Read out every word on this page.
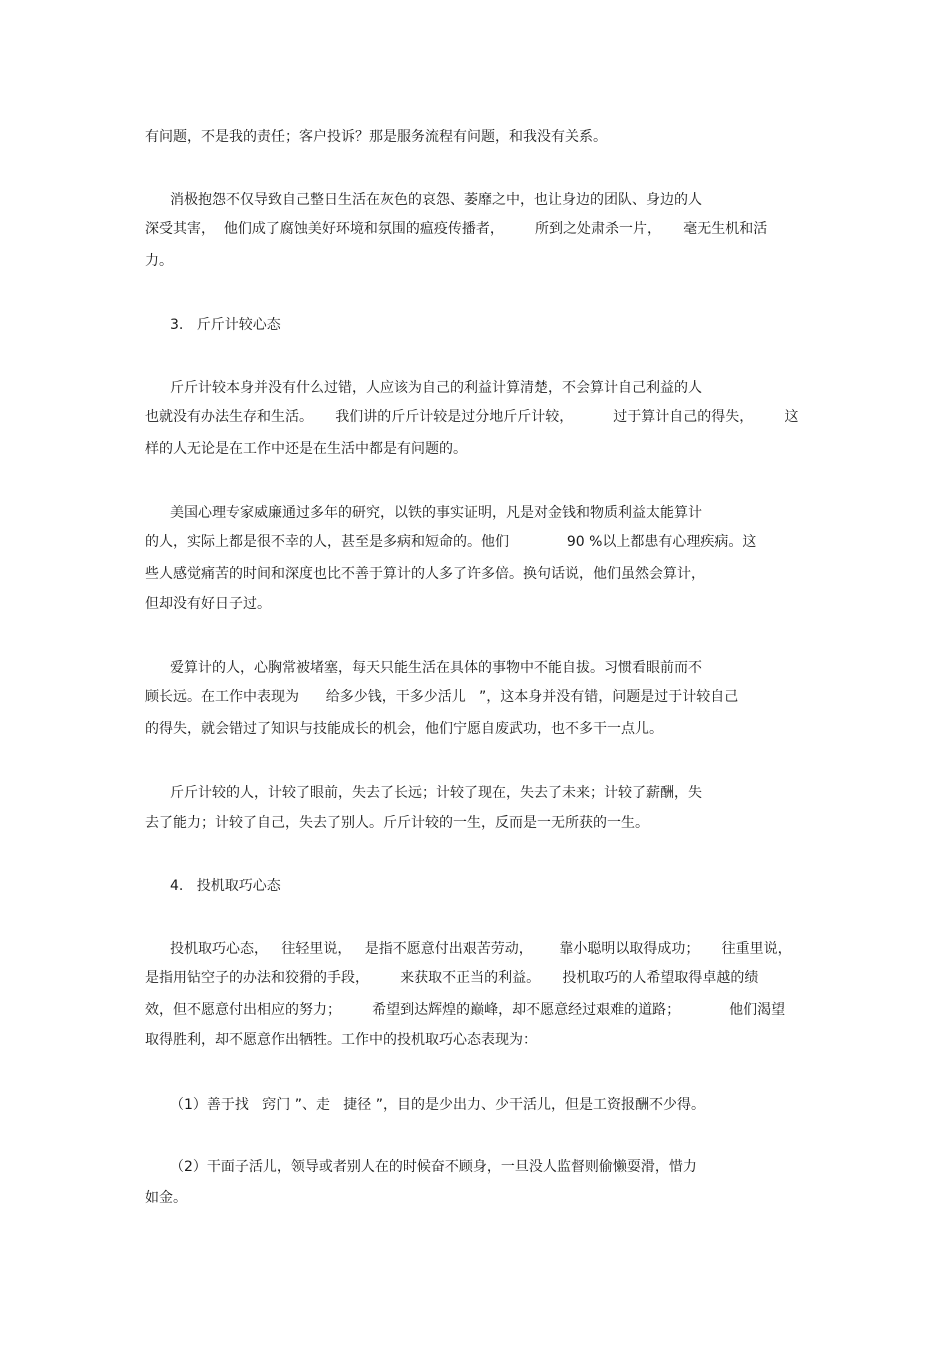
有问题，不是我的责任；客户投诉？那是服务流程有问题，和我没有关系。
消极抱怨不仅导致自己整日生活在灰色的哀怨、萎靡之中，也让身边的团队、身边的人
深受其害，  他们成了腐蚀美好环境和氛围的瘟疫传播者，       所到之处肃杀一片，     毫无生机和活
力。
3.   斤斤计较心态
斤斤计较本身并没有什么过错，人应该为自己的利益计算清楚，不会算计自己利益的人
也就没有办法生存和生活。     我们讲的斤斤计较是过分地斤斤计较，         过于算计自己的得失，       这
样的人无论是在工作中还是在生活中都是有问题的。
美国心理专家威廉通过多年的研究，以铁的事实证明，凡是对金钱和物质利益太能算计
的人，实际上都是很不幸的人，甚至是多病和短命的。他们             90 %以上都患有心理疾病。这
些人感觉痛苦的时间和深度也比不善于算计的人多了许多倍。换句话说，他们虽然会算计，
但却没有好日子过。
爱算计的人，心胸常被堵塞，每天只能生活在具体的事物中不能自拔。习惯看眼前而不
顾长远。在工作中表现为      给多少钱，干多少活儿   ”，这本身并没有错，问题是过于计较自己
的得失，就会错过了知识与技能成长的机会，他们宁愿自废武功，也不多干一点儿。
斤斤计较的人，计较了眼前，失去了长远；计较了现在，失去了未来；计较了薪酬，失
去了能力；计较了自己，失去了别人。斤斤计较的一生，反而是一无所获的一生。
4.   投机取巧心态
投机取巧心态，   往轻里说，   是指不愿意付出艰苦劳动，      靠小聪明以取得成功；     往重里说，
是指用钻空子的办法和狡猾的手段，       来获取不正当的利益。     投机取巧的人希望取得卓越的绩
效，但不愿意付出相应的努力；       希望到达辉煌的巅峰，却不愿意经过艰难的道路；           他们渴望
取得胜利，却不愿意作出牺牲。工作中的投机取巧心态表现为：
（1）善于找   窍门 ”、走   捷径 ”，目的是少出力、少干活儿，但是工资报酬不少得。
（2）干面子活儿，领导或者别人在的时候奋不顾身，一旦没人监督则偷懒耍滑，惜力
如金。
